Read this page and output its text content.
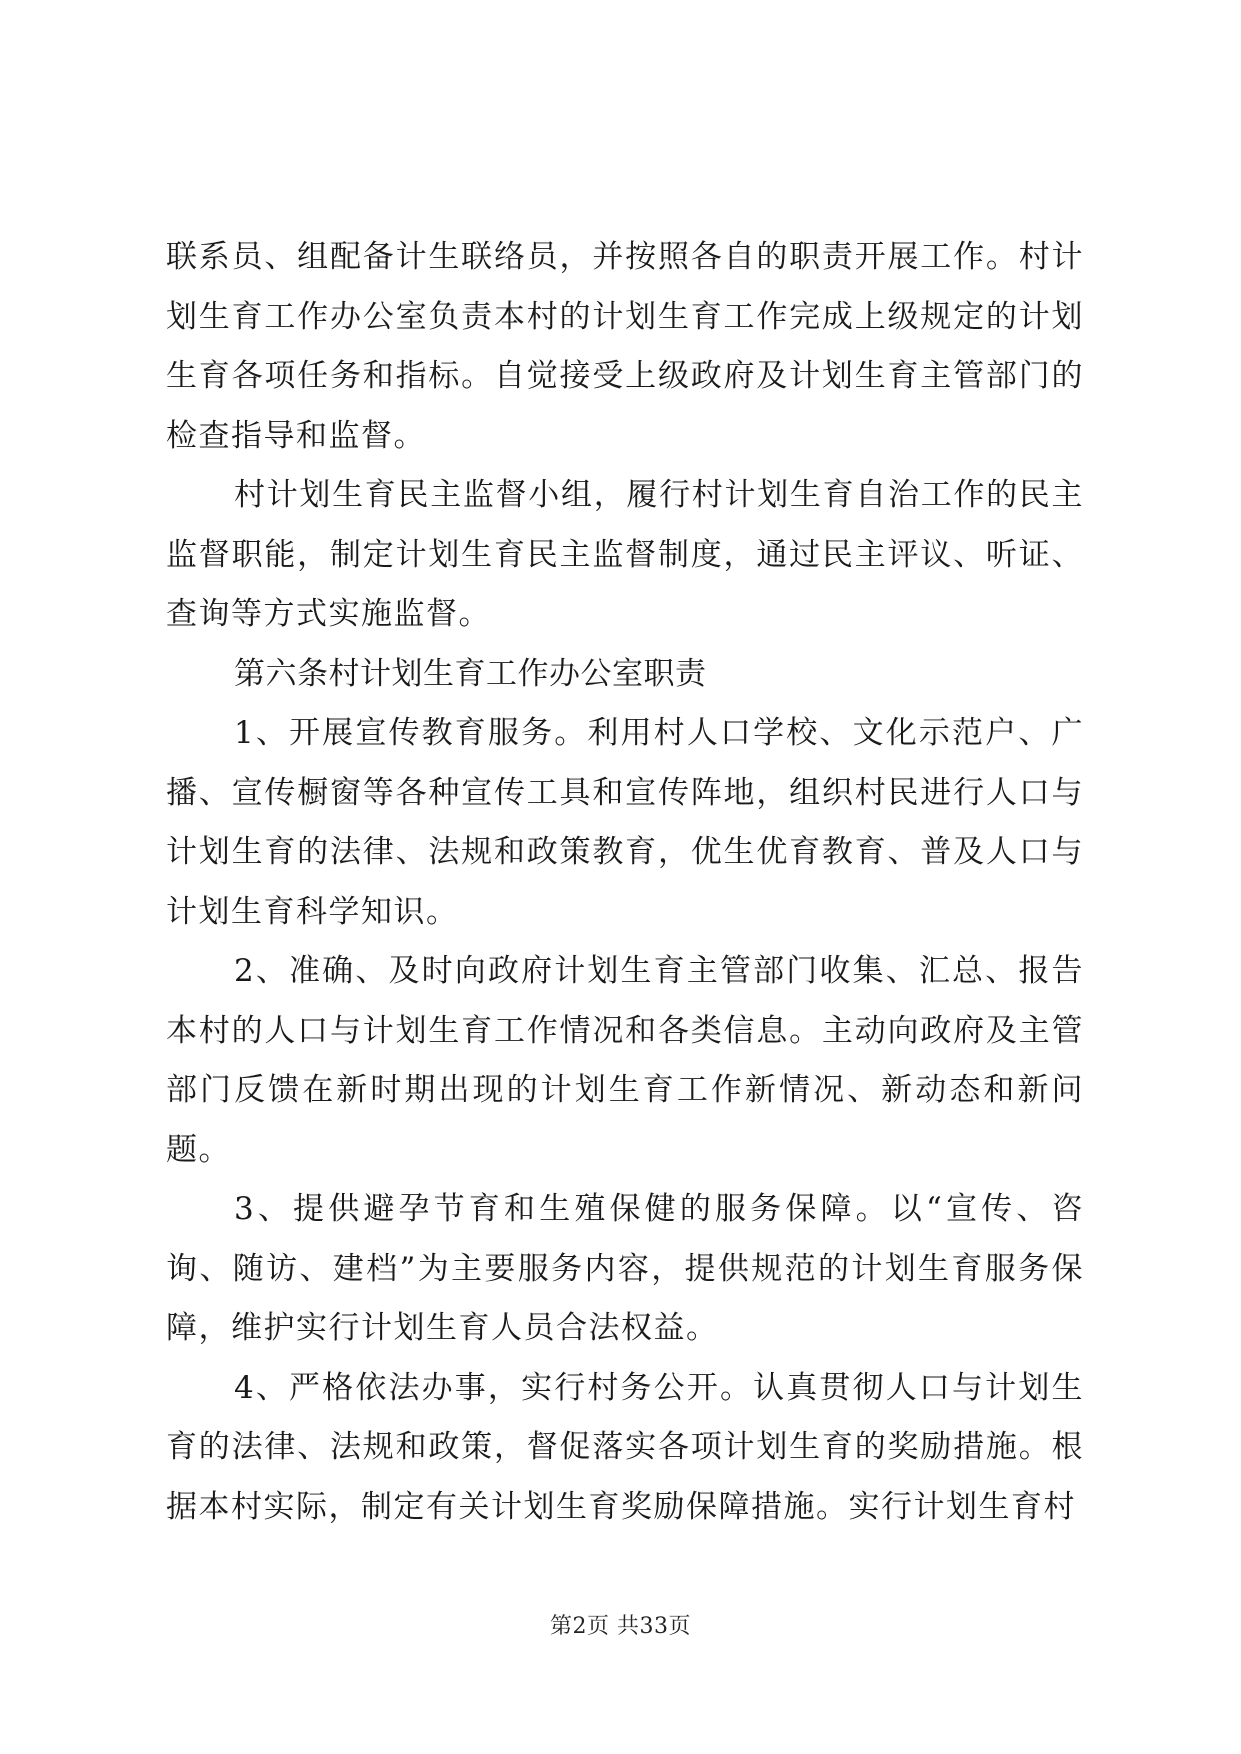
联系员、组配备计生联络员，并按照各自的职责开展工作。村计划生育工作办公室负责本村的计划生育工作完成上级规定的计划生育各项任务和指标。自觉接受上级政府及计划生育主管部门的检查指导和监督。

村计划生育民主监督小组，履行村计划生育自治工作的民主监督职能，制定计划生育民主监督制度，通过民主评议、听证、查询等方式实施监督。

第六条村计划生育工作办公室职责

1、开展宣传教育服务。利用村人口学校、文化示范户、广播、宣传橱窗等各种宣传工具和宣传阵地，组织村民进行人口与计划生育的法律、法规和政策教育，优生优育教育、普及人口与计划生育科学知识。

2、准确、及时向政府计划生育主管部门收集、汇总、报告本村的人口与计划生育工作情况和各类信息。主动向政府及主管部门反馈在新时期出现的计划生育工作新情况、新动态和新问题。

3、提供避孕节育和生殖保健的服务保障。以“宣传、咨询、随访、建档”为主要服务内容，提供规范的计划生育服务保障，维护实行计划生育人员合法权益。

4、严格依法办事，实行村务公开。认真贯彻人口与计划生育的法律、法规和政策，督促落实各项计划生育的奖励措施。根据本村实际，制定有关计划生育奖励保障措施。实行计划生育村

第2页 共33页
